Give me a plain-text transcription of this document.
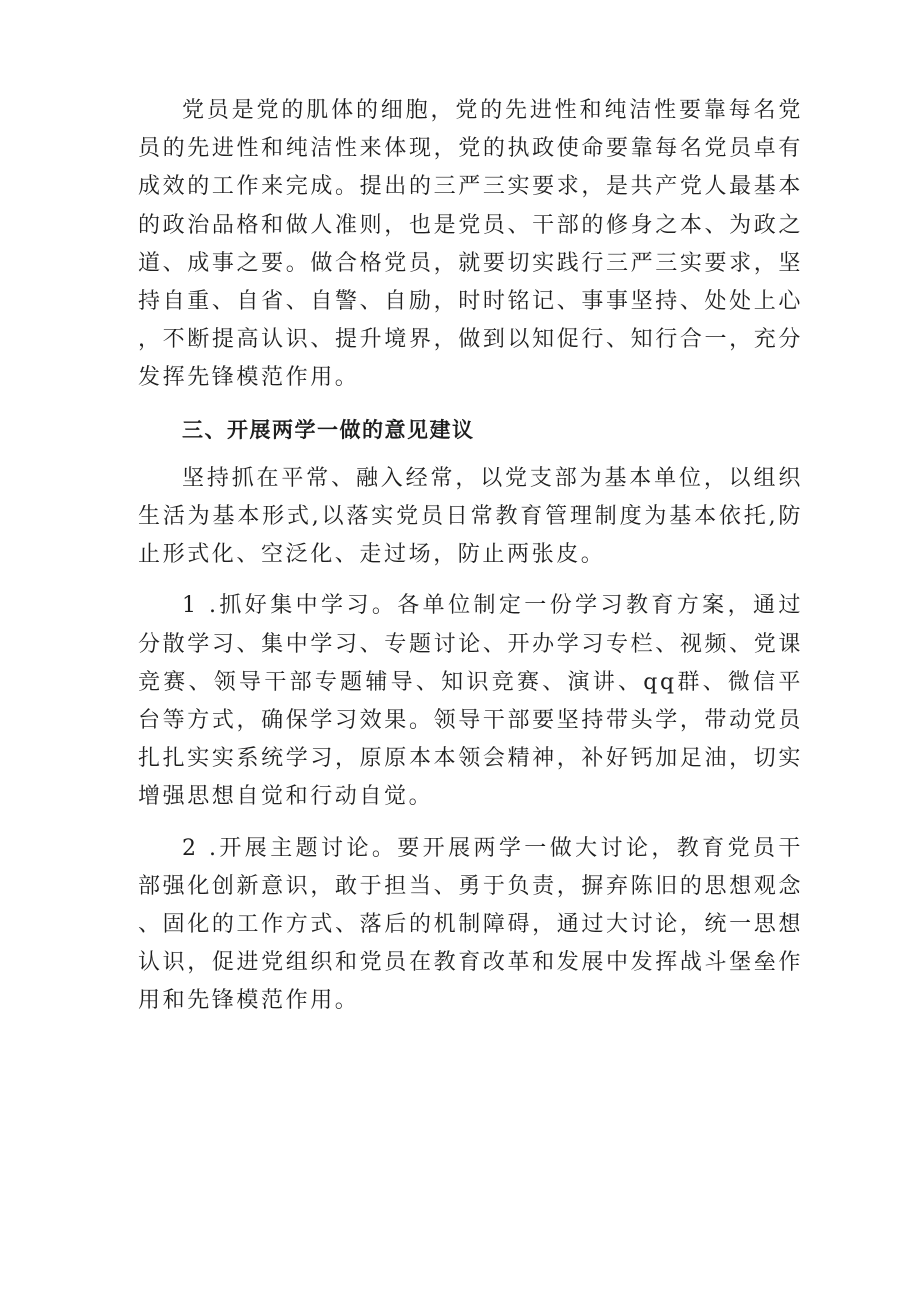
党员是党的肌体的细胞，党的先进性和纯洁性要靠每名党员的先进性和纯洁性来体现，党的执政使命要靠每名党员卓有成效的工作来完成。提出的三严三实要求，是共产党人最基本的政治品格和做人准则，也是党员、干部的修身之本、为政之道、成事之要。做合格党员，就要切实践行三严三实要求，坚持自重、自省、自警、自励，时时铭记、事事坚持、处处上心，不断提高认识、提升境界，做到以知促行、知行合一，充分发挥先锋模范作用。

三、开展两学一做的意见建议

坚持抓在平常、融入经常，以党支部为基本单位，以组织生活为基本形式,以落实党员日常教育管理制度为基本依托,防止形式化、空泛化、走过场，防止两张皮。

1 .抓好集中学习。各单位制定一份学习教育方案，通过分散学习、集中学习、专题讨论、开办学习专栏、视频、党课竞赛、领导干部专题辅导、知识竞赛、演讲、qq群、微信平台等方式，确保学习效果。领导干部要坚持带头学，带动党员扎扎实实系统学习，原原本本领会精神，补好钙加足油，切实增强思想自觉和行动自觉。

2 .开展主题讨论。要开展两学一做大讨论，教育党员干部强化创新意识，敢于担当、勇于负责，摒弃陈旧的思想观念、固化的工作方式、落后的机制障碍，通过大讨论，统一思想认识，促进党组织和党员在教育改革和发展中发挥战斗堡垒作用和先锋模范作用。
